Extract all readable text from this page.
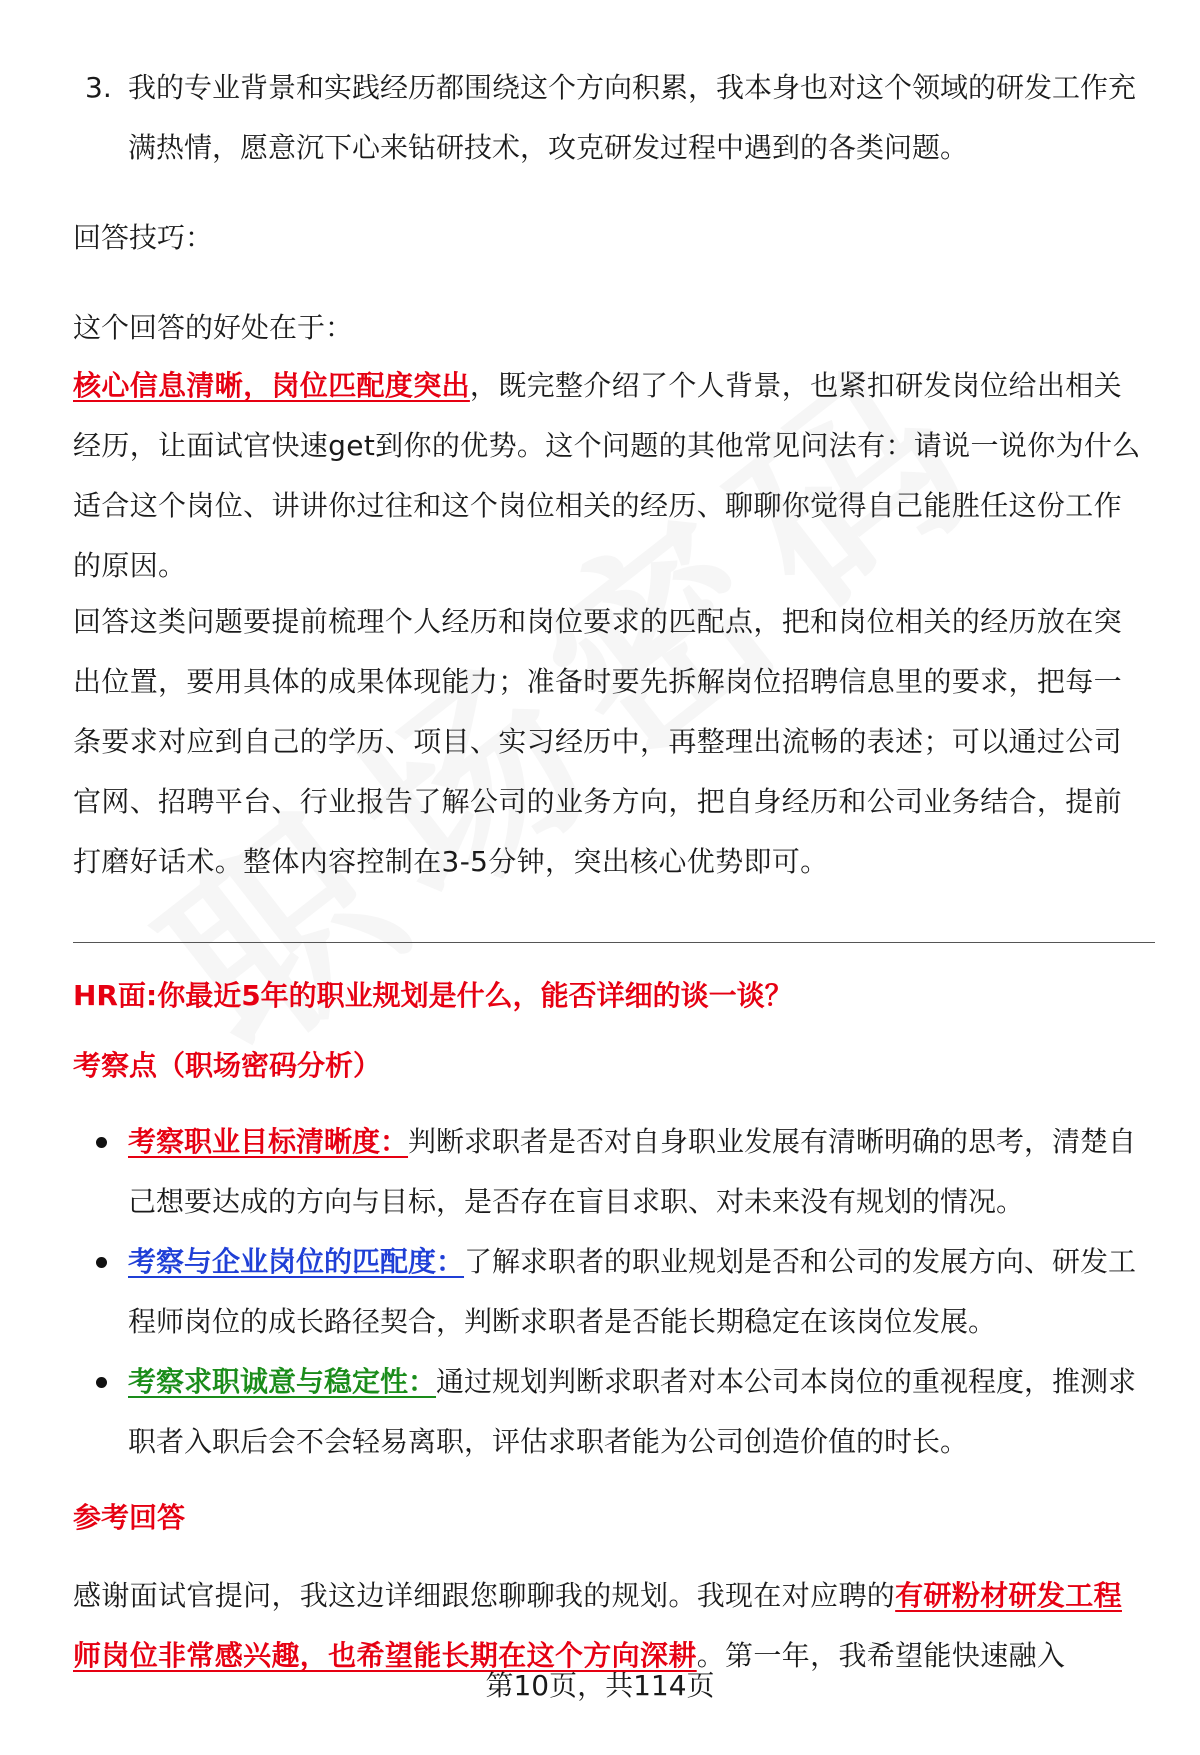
3. 我的专业背景和实践经历都围绕这个方向积累，我本身也对这个领域的研发工作充满热情，愿意沉下心来钻研技术，攻克研发过程中遇到的各类问题。

回答技巧：

这个回答的好处在于：

核心信息清晰，岗位匹配度突出，既完整介绍了个人背景，也紧扣研发岗位给出相关经历，让面试官快速get到你的优势。这个问题的其他常见问法有：请说一说你为什么适合这个岗位、讲讲你过往和这个岗位相关的经历、聊聊你觉得自己能胜任这份工作的原因。

回答这类问题要提前梳理个人经历和岗位要求的匹配点，把和岗位相关的经历放在突出位置，要用具体的成果体现能力；准备时要先拆解岗位招聘信息里的要求，把每一条要求对应到自己的学历、项目、实习经历中，再整理出流畅的表述；可以通过公司官网、招聘平台、行业报告了解公司的业务方向，把自身经历和公司业务结合，提前打磨好话术。整体内容控制在3-5分钟，突出核心优势即可。

HR面:你最近5年的职业规划是什么，能否详细的谈一谈？

考察点（职场密码分析）

考察职业目标清晰度：判断求职者是否对自身职业发展有清晰明确的思考，清楚自己想要达成的方向与目标，是否存在盲目求职、对未来没有规划的情况。
考察与企业岗位的匹配度：了解求职者的职业规划是否和公司的发展方向、研发工程师岗位的成长路径契合，判断求职者是否能长期稳定在该岗位发展。
考察求职诚意与稳定性：通过规划判断求职者对本公司本岗位的重视程度，推测求职者入职后会不会轻易离职，评估求职者能为公司创造价值的时长。

参考回答

感谢面试官提问，我这边详细跟您聊聊我的规划。我现在对应聘的有研粉材研发工程师岗位非常感兴趣，也希望能长期在这个方向深耕。第一年，我希望能快速融入

第10页，共114页
